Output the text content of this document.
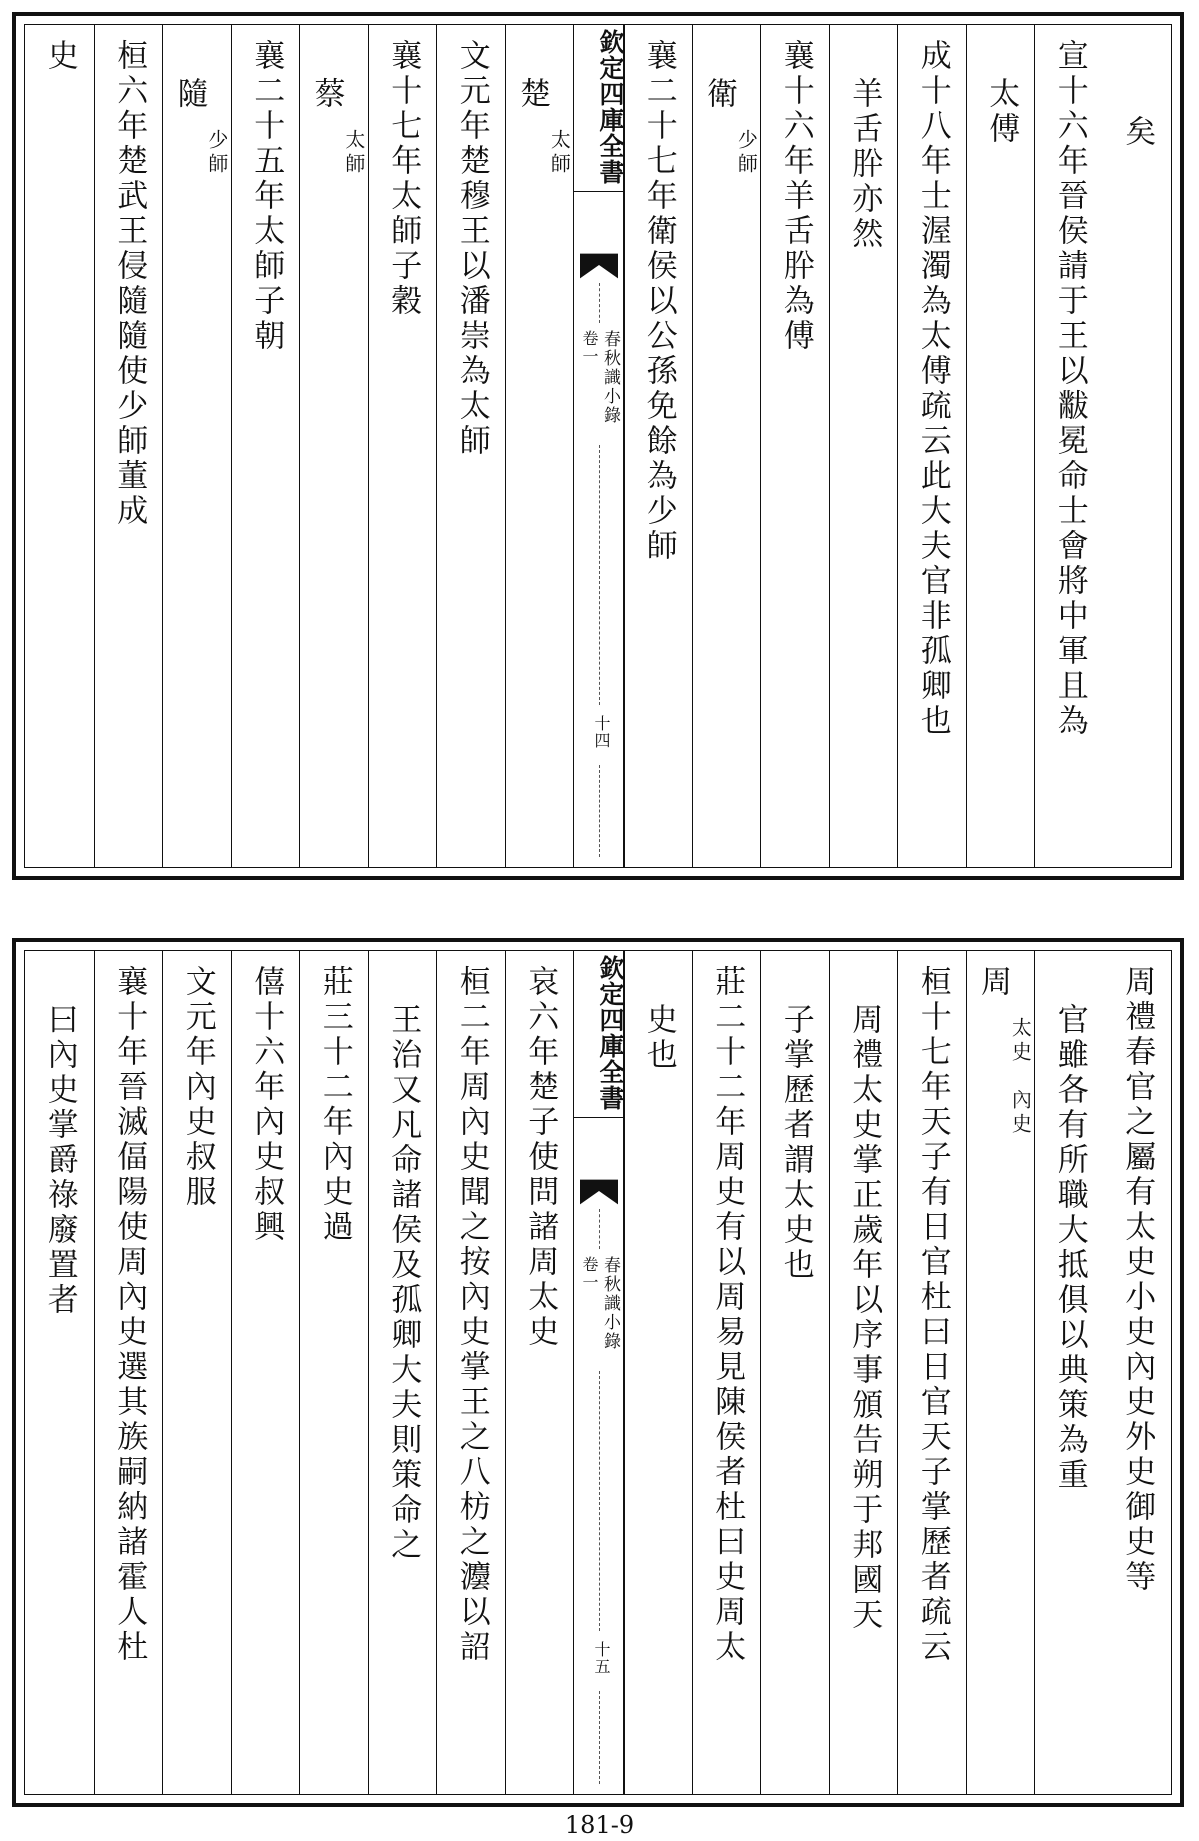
矣
宣十六年晉侯請于王以黻冕命士會將中軍且為
太傅
成十八年士渥濁為太傅疏云此大夫官非孤卿也
羊舌肸亦然
襄十六年羊舌肸為傅
衛
少師
襄二十七年衛侯以公孫免餘為少師
楚
太師
文元年楚穆王以潘崇為太師
襄十七年太師子穀
蔡
太師
襄二十五年太師子朝
隨
少師
桓六年楚武王侵隨隨使少師董成
史	欽定四庫全書
春秋識小錄
卷一
十四
周禮春官之屬有太史小史內史外史御史等
官雖各有所職大抵俱以典策為重
周
太史　內史
桓十七年天子有日官杜曰日官天子掌歷者疏云
周禮太史掌正歲年以序事頒告朔于邦國天
子掌歷者謂太史也
莊二十二年周史有以周易見陳侯者杜曰史周太
史也
哀六年楚子使問諸周太史
桓二年周內史聞之按內史掌王之八枋之灋以詔
王治又凡命諸侯及孤卿大夫則策命之
莊三十二年內史過
僖十六年內史叔興
文元年內史叔服
襄十年晉滅偪陽使周內史選其族嗣納諸霍人杜
曰內史掌爵祿廢置者	欽定四庫全書
春秋識小錄
卷一
十五
181-9
